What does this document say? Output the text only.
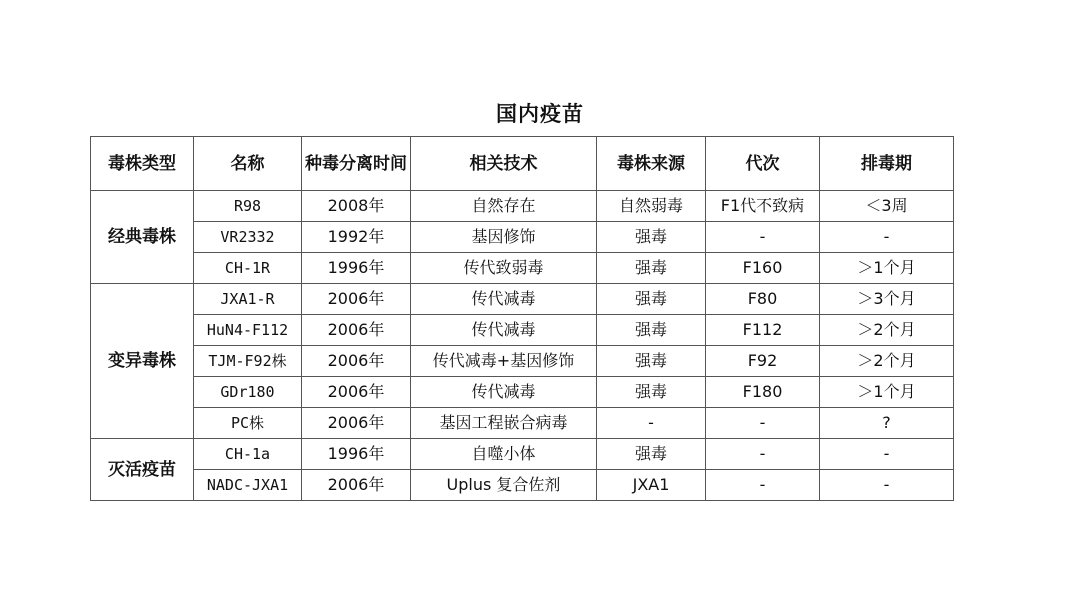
国内疫苗
毒株类型	名称	种毒分离时间	相关技术	毒株来源	代次	排毒期
经典毒株	R98	2008年	自然存在	自然弱毒	F1代不致病	＜3周
	VR2332	1992年	基因修饰	强毒	-	-
	CH-1R	1996年	传代致弱毒	强毒	F160	＞1个月
变异毒株	JXA1-R	2006年	传代减毒	强毒	F80	＞3个月
	HuN4-F112	2006年	传代减毒	强毒	F112	＞2个月
	TJM-F92株	2006年	传代减毒+基因修饰	强毒	F92	＞2个月
	GDr180	2006年	传代减毒	强毒	F180	＞1个月
	PC株	2006年	基因工程嵌合病毒	-	-	?
灭活疫苗	CH-1a	1996年	自噬小体	强毒	-	-
	NADC-JXA1	2006年	Uplus 复合佐剂	JXA1	-	-
